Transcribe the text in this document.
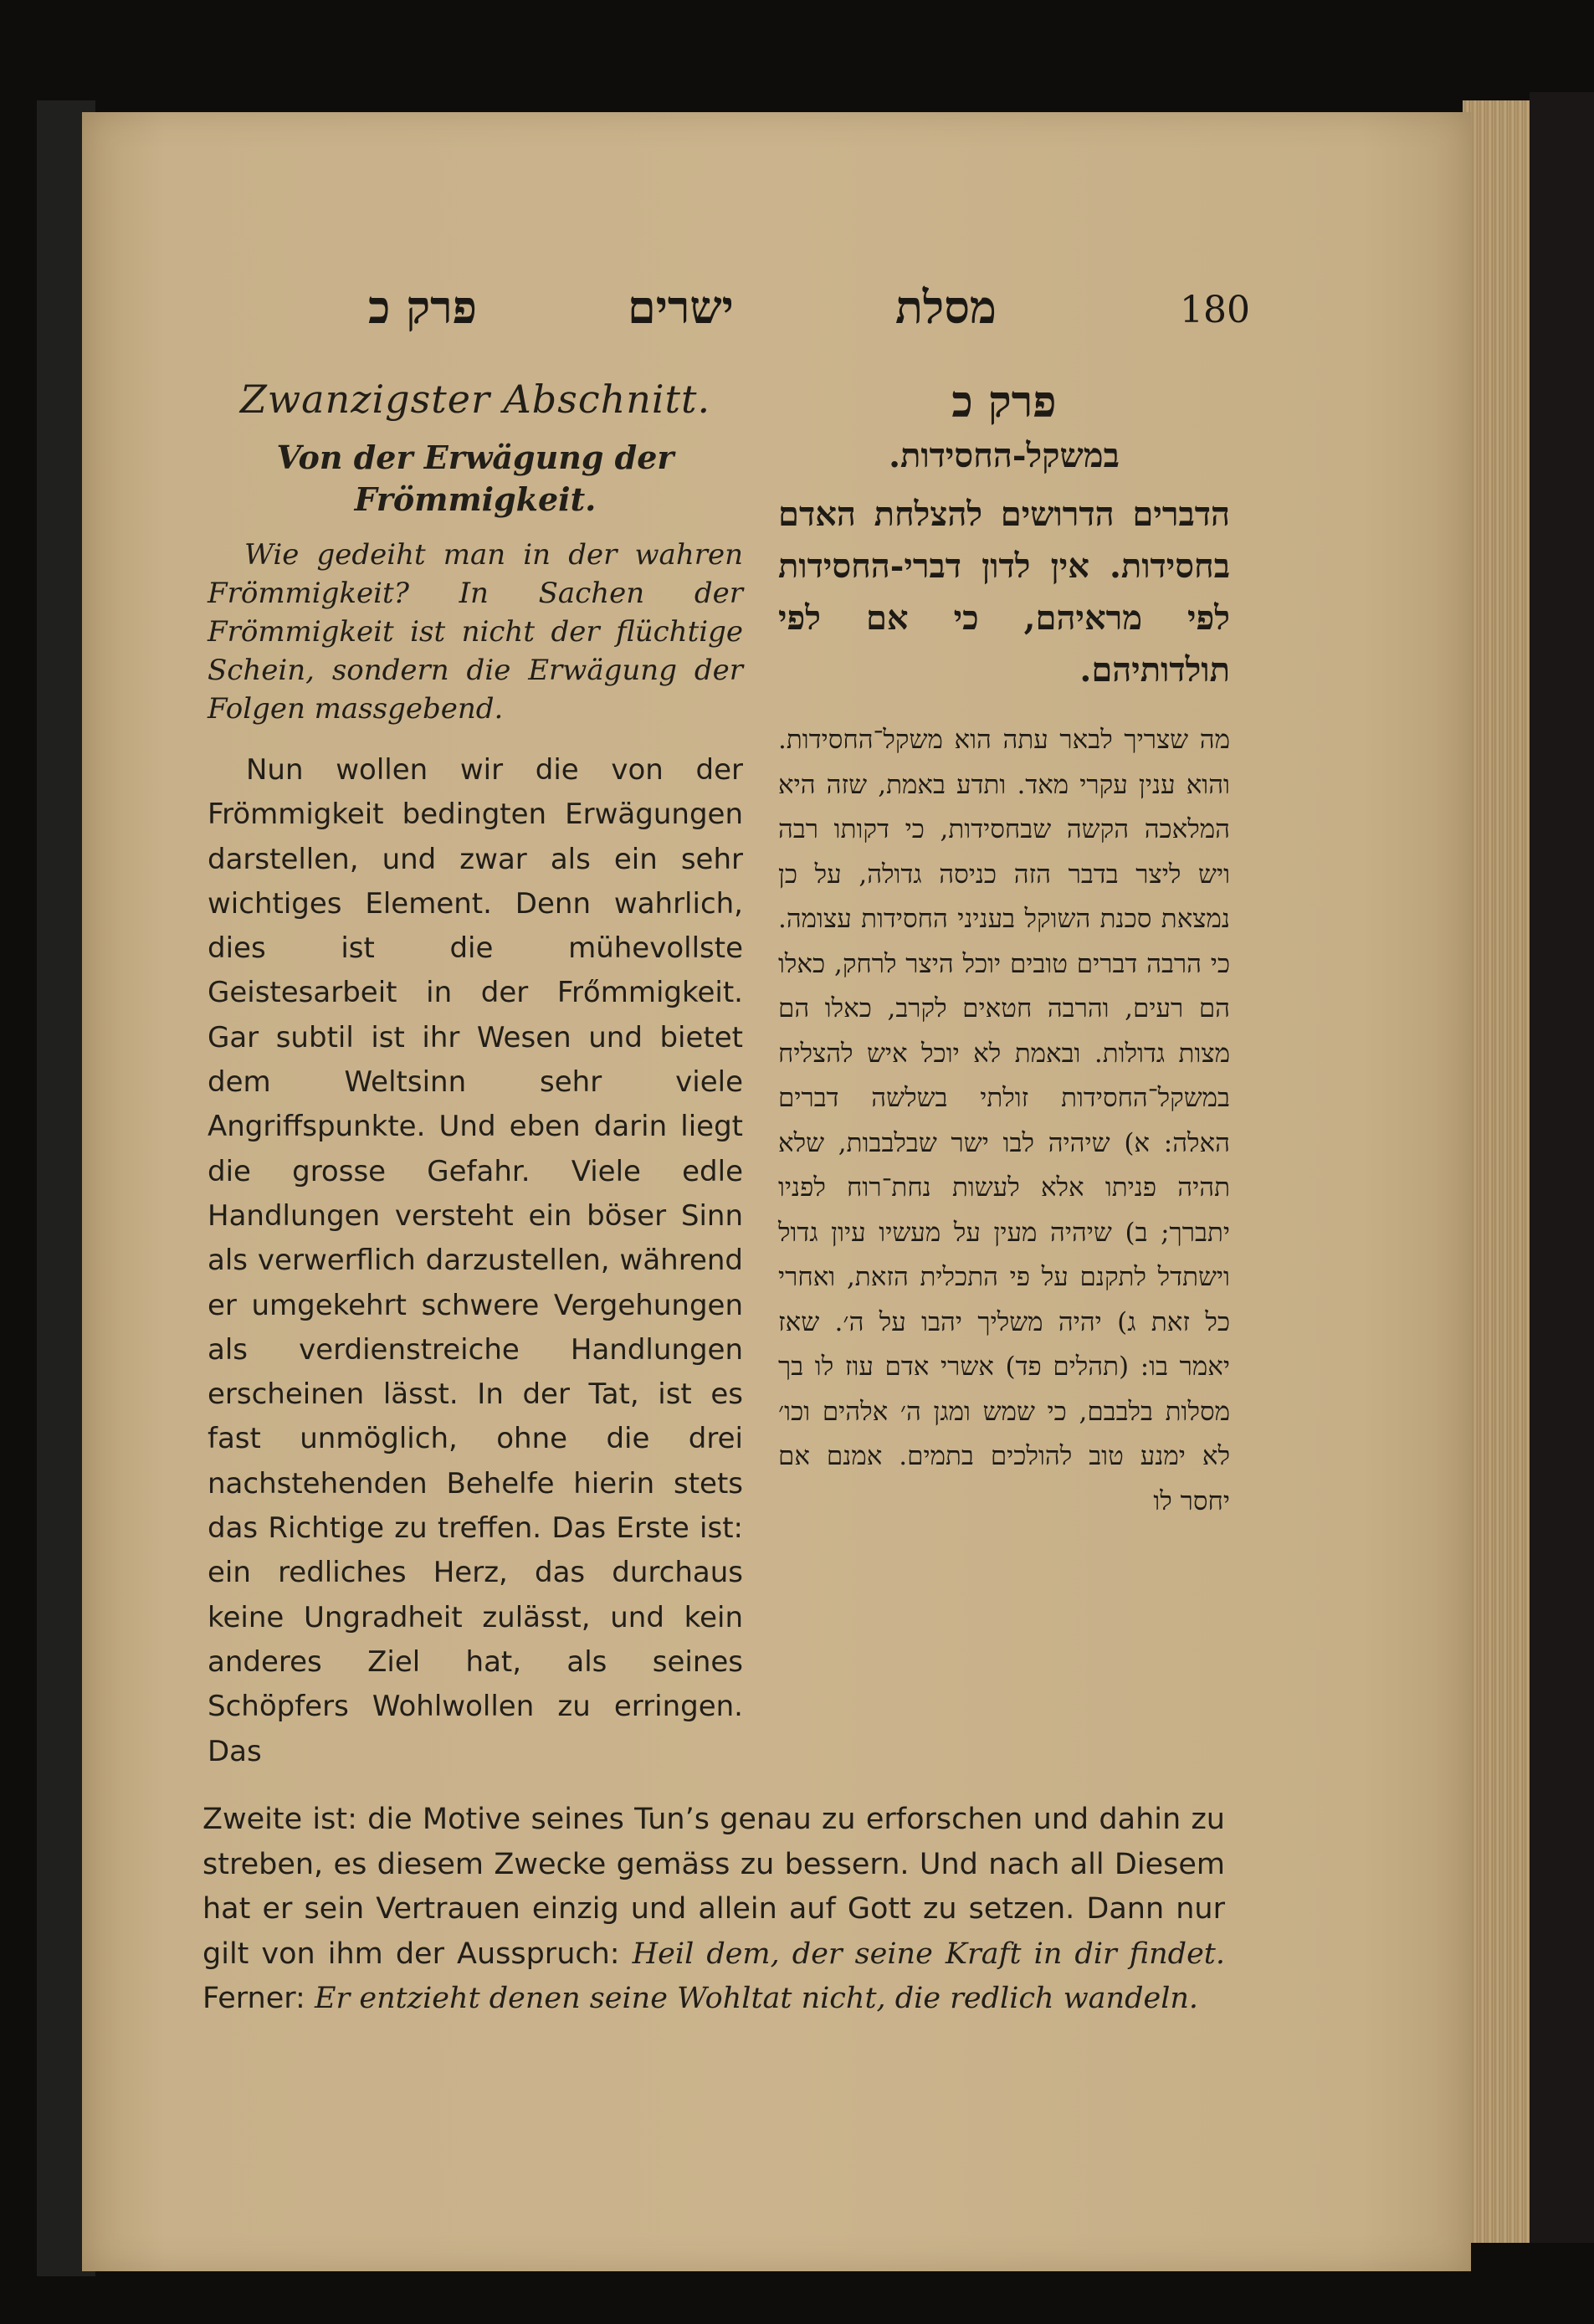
פרק כ	ישרים	מסלת	180
Zwanzigster Abschnitt.
Von der Erwägung der Frömmigkeit.

Wie gedeiht man in der wahren Frömmigkeit? In Sachen der Frömmigkeit ist nicht der flüchtige Schein, sondern die Erwägung der Folgen massgebend.

Nun wollen wir die von der Frömmigkeit bedingten Erwägungen darstellen, und zwar als ein sehr wichtiges Element. Denn wahrlich, dies ist die mühevollste Geistesarbeit in der Frőmmigkeit. Gar subtil ist ihr Wesen und bietet dem Weltsinn sehr viele Angriffspunkte. Und eben darin liegt die grosse Gefahr. Viele edle Handlungen versteht ein böser Sinn als verwerflich darzustellen, während er umgekehrt schwere Vergehungen als verdienstreiche Handlungen erscheinen lässt. In der Tat, ist es fast unmöglich, ohne die drei nachstehenden Behelfe hierin stets das Richtige zu treffen. Das Erste ist: ein redliches Herz, das durchaus keine Ungradheit zulässt, und kein anderes Ziel hat, als seines Schöpfers Wohlwollen zu erringen. Das

פרק כ
במשקל-החסידות.

הדברים הדרושים להצלחת האדם בחסידות. אין לדון דברי-החסידות לפי מראיהם, כי אם לפי תולדותיהם.

מה שצריך לבאר עתה הוא משקל־החסידות. והוא ענין עקרי מאד. ותדע באמת, שזה היא המלאכה הקשה שבחסידות, כי דקותו רבה ויש ליצר בדבר הזה כניסה גדולה, על כן נמצאת סכנת השוקל בעניני החסידות עצומה. כי הרבה דברים טובים יוכל היצר לרחק, כאלו הם רעים, והרבה חטאים לקרב, כאלו הם מצות גדולות. ובאמת לא יוכל איש להצליח במשקל־החסידות זולתי בשלשה דברים האלה: א) שיהיה לבו ישר שבלבבות, שלא תהיה פניתו אלא לעשות נחת־רוח לפניו יתברך; ב) שיהיה מעין על מעשיו עיון גדול וישתדל לתקנם על פי התכלית הזאת, ואחרי כל זאת ג) יהיה משליך יהבו על ה׳. שאז יאמר בו: (תהלים פד) אשרי אדם עוז לו בך מסלות בלבבם, כי שמש ומגן ה׳ אלהים וכו׳ לא ימנע טוב להולכים בתמים. אמנם אם יחסר לו

Zweite ist: die Motive seines Tun’s genau zu erforschen und dahin zu streben, es diesem Zwecke gemäss zu bessern. Und nach all Diesem hat er sein Vertrauen einzig und allein auf Gott zu setzen. Dann nur gilt von ihm der Ausspruch: Heil dem, der seine Kraft in dir findet. Ferner: Er entzieht denen seine Wohltat nicht, die redlich wandeln.
